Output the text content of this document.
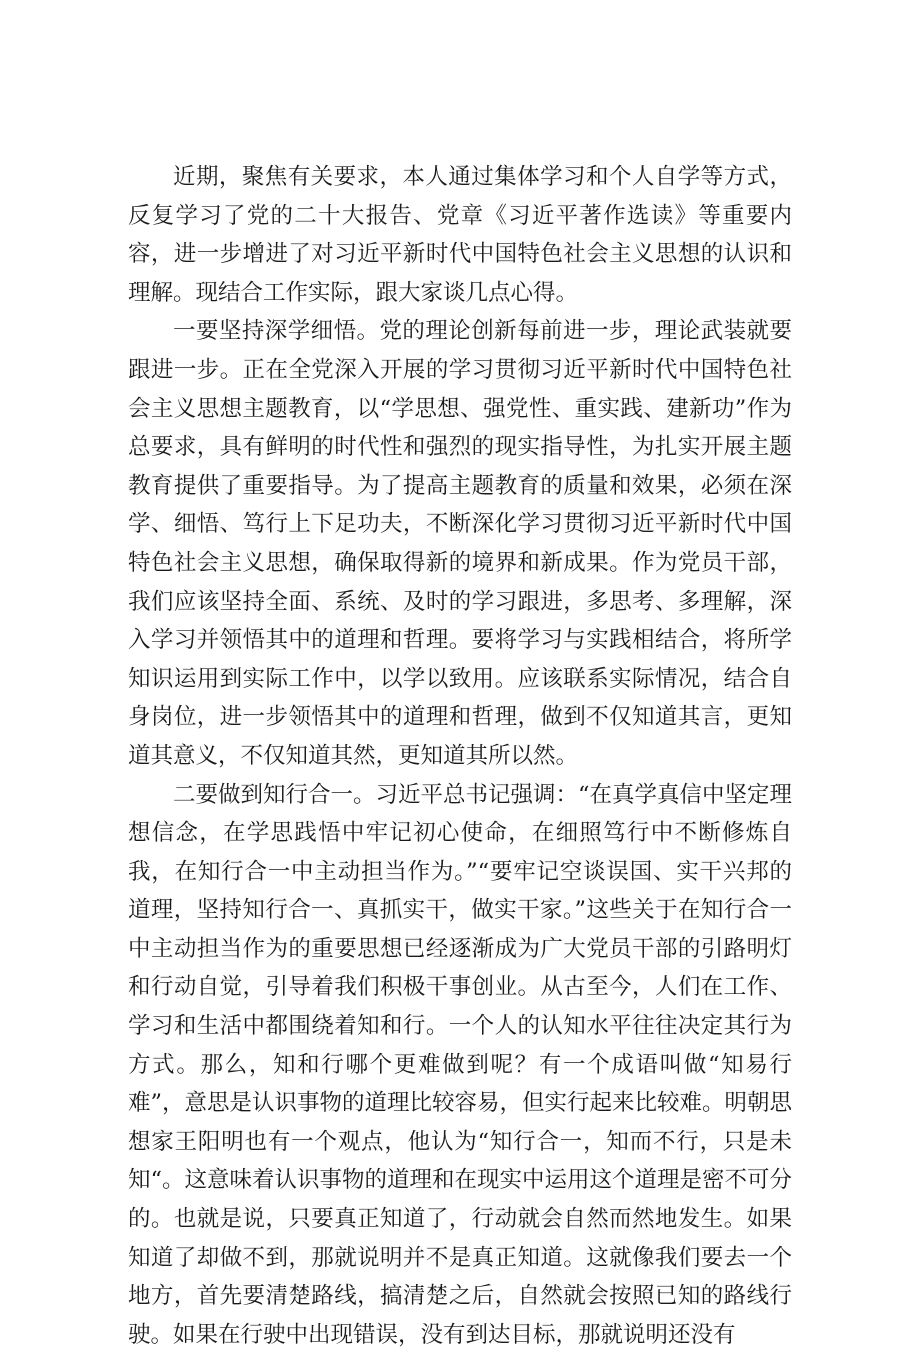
近期，聚焦有关要求，本人通过集体学习和个人自学等方式，反复学习了党的二十大报告、党章《习近平著作选读》等重要内容，进一步增进了对习近平新时代中国特色社会主义思想的认识和理解。现结合工作实际，跟大家谈几点心得。

一要坚持深学细悟。党的理论创新每前进一步，理论武装就要跟进一步。正在全党深入开展的学习贯彻习近平新时代中国特色社会主义思想主题教育，以“学思想、强党性、重实践、建新功”作为总要求，具有鲜明的时代性和强烈的现实指导性，为扎实开展主题教育提供了重要指导。为了提高主题教育的质量和效果，必须在深学、细悟、笃行上下足功夫，不断深化学习贯彻习近平新时代中国特色社会主义思想，确保取得新的境界和新成果。作为党员干部，我们应该坚持全面、系统、及时的学习跟进，多思考、多理解，深入学习并领悟其中的道理和哲理。要将学习与实践相结合，将所学知识运用到实际工作中，以学以致用。应该联系实际情况，结合自身岗位，进一步领悟其中的道理和哲理，做到不仅知道其言，更知道其意义，不仅知道其然，更知道其所以然。

二要做到知行合一。习近平总书记强调：“在真学真信中坚定理想信念，在学思践悟中牢记初心使命，在细照笃行中不断修炼自我，在知行合一中主动担当作为。”“要牢记空谈误国、实干兴邦的道理，坚持知行合一、真抓实干，做实干家。”这些关于在知行合一中主动担当作为的重要思想已经逐渐成为广大党员干部的引路明灯和行动自觉，引导着我们积极干事创业。从古至今，人们在工作、学习和生活中都围绕着知和行。一个人的认知水平往往决定其行为方式。那么，知和行哪个更难做到呢？有一个成语叫做“知易行难”，意思是认识事物的道理比较容易，但实行起来比较难。明朝思想家王阳明也有一个观点，他认为“知行合一，知而不行，只是未知“。这意味着认识事物的道理和在现实中运用这个道理是密不可分的。也就是说，只要真正知道了，行动就会自然而然地发生。如果知道了却做不到，那就说明并不是真正知道。这就像我们要去一个地方，首先要清楚路线，搞清楚之后，自然就会按照已知的路线行驶。如果在行驶中出现错误，没有到达目标，那就说明还没有
